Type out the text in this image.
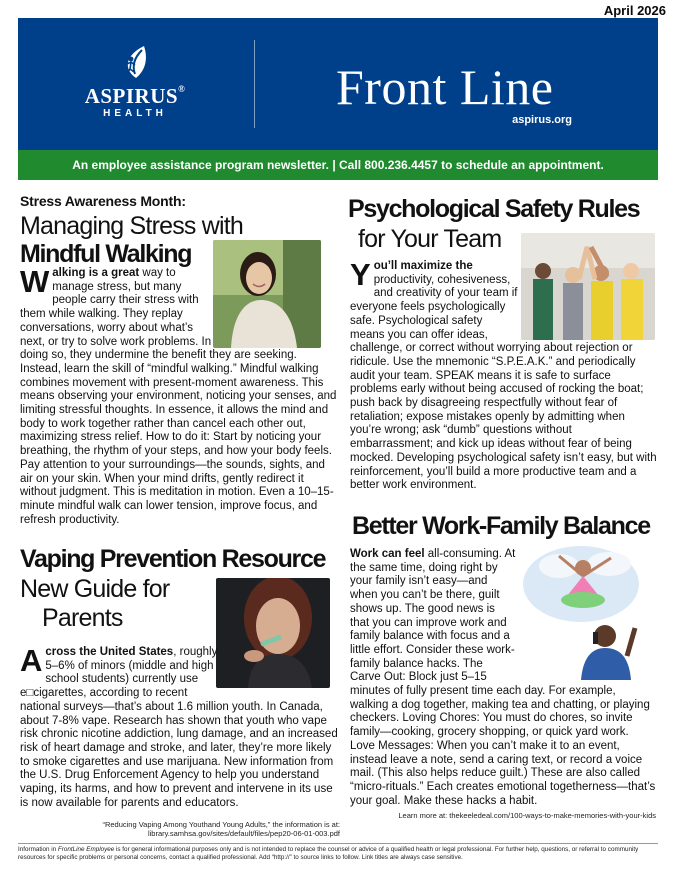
April 2026
ASPIRUS®
HEALTH	Front Line
aspirus.org
An employee assistance program newsletter. | Call 800.236.4457 to schedule an appointment.
Stress Awareness Month:
Managing Stress with
Mindful Walking
Walking is a great way to manage stress, but many people carry their stress with them while walking. They replay conversations, worry about what’s next, or try to solve work problems. In doing so, they undermine the benefit they are seeking. Instead, learn the skill of “mindful walking.” Mindful walking combines movement with present-moment awareness. This means observing your environment, noticing your senses, and limiting stressful thoughts. In essence, it allows the mind and body to work together rather than cancel each other out, maximizing stress relief. How to do it: Start by noticing your breathing, the rhythm of your steps, and how your body feels. Pay attention to your surroundings—the sounds, sights, and air on your skin. When your mind drifts, gently redirect it without judgment. This is meditation in motion. Even a 10–15-minute mindful walk can lower tension, improve focus, and refresh productivity.
Vaping Prevention Resource
New Guide for
Parents
Across the United States, roughly 5–6% of minors (middle and high school students) currently use e□cigarettes, according to recent national surveys—that’s about 1.6 million youth. In Canada, about 7-8% vape. Research has shown that youth who vape risk chronic nicotine addiction, lung damage, and an increased risk of heart damage and stroke, and later, they’re more likely to smoke cigarettes and use marijuana. New information from the U.S. Drug Enforcement Agency to help you understand vaping, its harms, and how to prevent and intervene in its use is now available for parents and educators.
“Reducing Vaping Among Youthand Young Adults,” the information is at:
library.samhsa.gov/sites/default/files/pep20-06-01-003.pdf
Psychological Safety Rules
for Your Team
You’ll maximize the productivity, cohesiveness, and creativity of your team if everyone feels psychologically safe. Psychological safety means you can offer ideas, challenge, or correct without worrying about rejection or ridicule. Use the mnemonic “S.P.E.A.K.” and periodically audit your team. SPEAK means it is safe to surface problems early without being accused of rocking the boat; push back by disagreeing respectfully without fear of retaliation; expose mistakes openly by admitting when you’re wrong; ask “dumb” questions without embarrassment; and kick up ideas without fear of being mocked. Developing psychological safety isn’t easy, but with reinforcement, you’ll build a more productive team and a better work environment.
Better Work-Family Balance
Work can feel all-consuming. At the same time, doing right by your family isn’t easy—and when you can’t be there, guilt shows up. The good news is that you can improve work and family balance with focus and a little effort. Consider these work-family balance hacks. The Carve Out: Block just 5–15 minutes of fully present time each day. For example, walking a dog together, making tea and chatting, or playing checkers. Loving Chores: You must do chores, so invite family—cooking, grocery shopping, or quick yard work. Love Messages: When you can’t make it to an event, instead leave a note, send a caring text, or record a voice mail. (This also helps reduce guilt.) These are also called “micro-rituals.” Each creates emotional togetherness—that’s your goal. Make these hacks a habit.
Learn more at: thekeeledeal.com/100-ways-to-make-memories-with-your-kids
Information in FrontLine Employee is for general informational purposes only and is not intended to replace the counsel or advice of a qualified health or legal professional. For further help, questions, or referral to community resources for specific problems or personal concerns, contact a qualified professional. Add “http://” to source links to follow. Link titles are always case sensitive.
